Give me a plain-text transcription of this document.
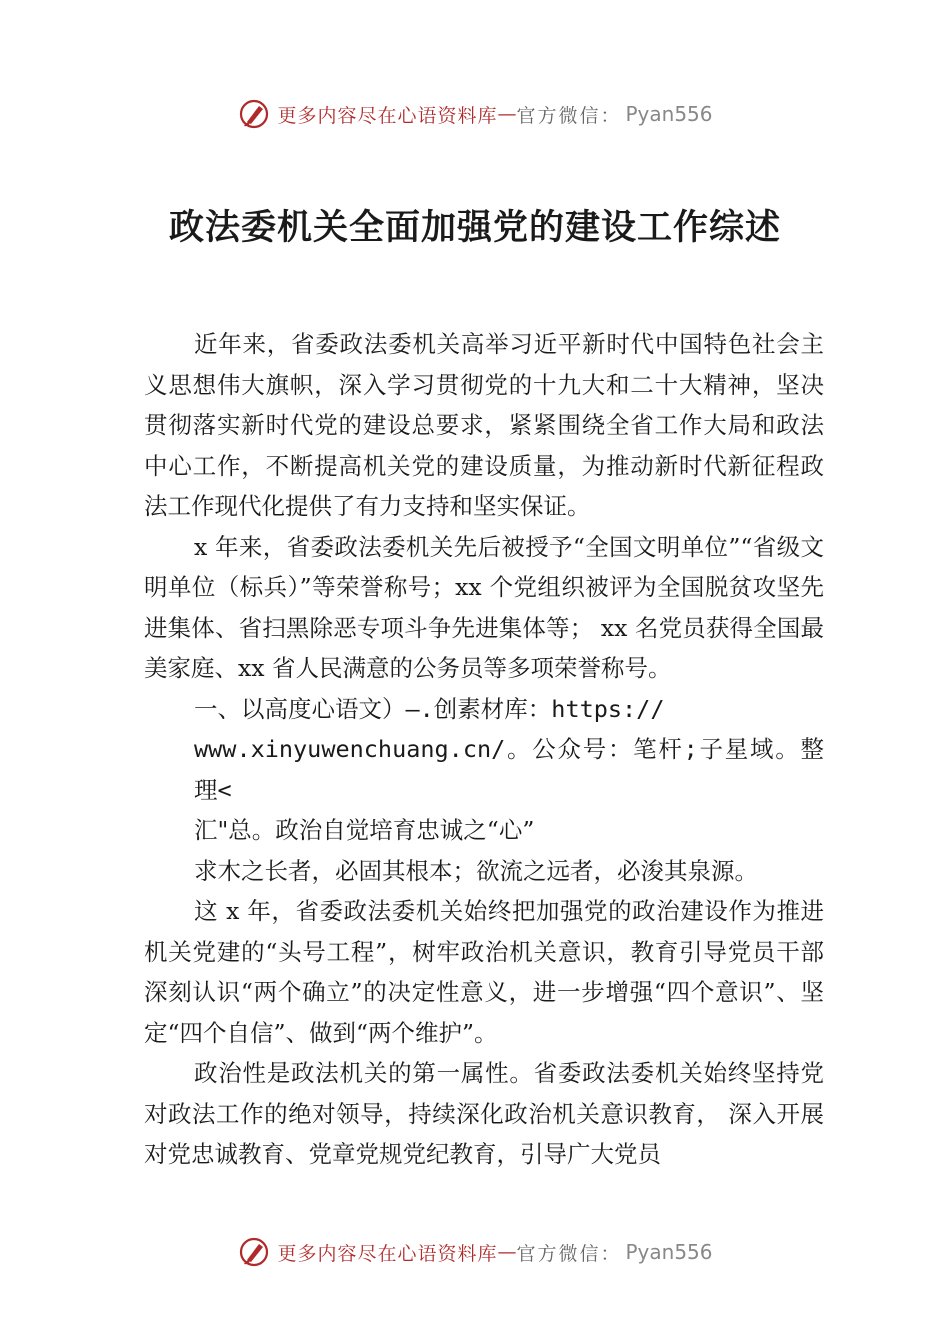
更多内容尽在心语资料库 — 官方微信： Pyan556
政法委机关全面加强党的建设工作综述

近年来，省委政法委机关高举习近平新时代中国特色社会主义思想伟大旗帜，深入学习贯彻党的十九大和二十大精神，坚决贯彻落实新时代党的建设总要求，紧紧围绕全省工作大局和政法中心工作，不断提高机关党的建设质量，为推动新时代新征程政法工作现代化提供了有力支持和坚实保证。

x 年来，省委政法委机关先后被授予“全国文明单位”“省级文明单位（标兵）”等荣誉称号；xx 个党组织被评为全国脱贫攻坚先进集体、省扫黑除恶专项斗争先进集体等； xx 名党员获得全国最美家庭、xx 省人民满意的公务员等多项荣誉称号。

一、以高度心语文）—.创素材库：https://

www.xinyuwenchuang.cn/。公众号：笔杆;子星域。整理<

汇"总。政治自觉培育忠诚之“心”

求木之长者，必固其根本；欲流之远者，必浚其泉源。

这 x 年，省委政法委机关始终把加强党的政治建设作为推进机关党建的“头号工程”，树牢政治机关意识，教育引导党员干部深刻认识“两个确立”的决定性意义，进一步增强“四个意识”、坚定“四个自信”、做到“两个维护”。

政治性是政法机关的第一属性。省委政法委机关始终坚持党对政法工作的绝对领导，持续深化政治机关意识教育， 深入开展对党忠诚教育、党章党规党纪教育，引导广大党员

更多内容尽在心语资料库 — 官方微信： Pyan556
